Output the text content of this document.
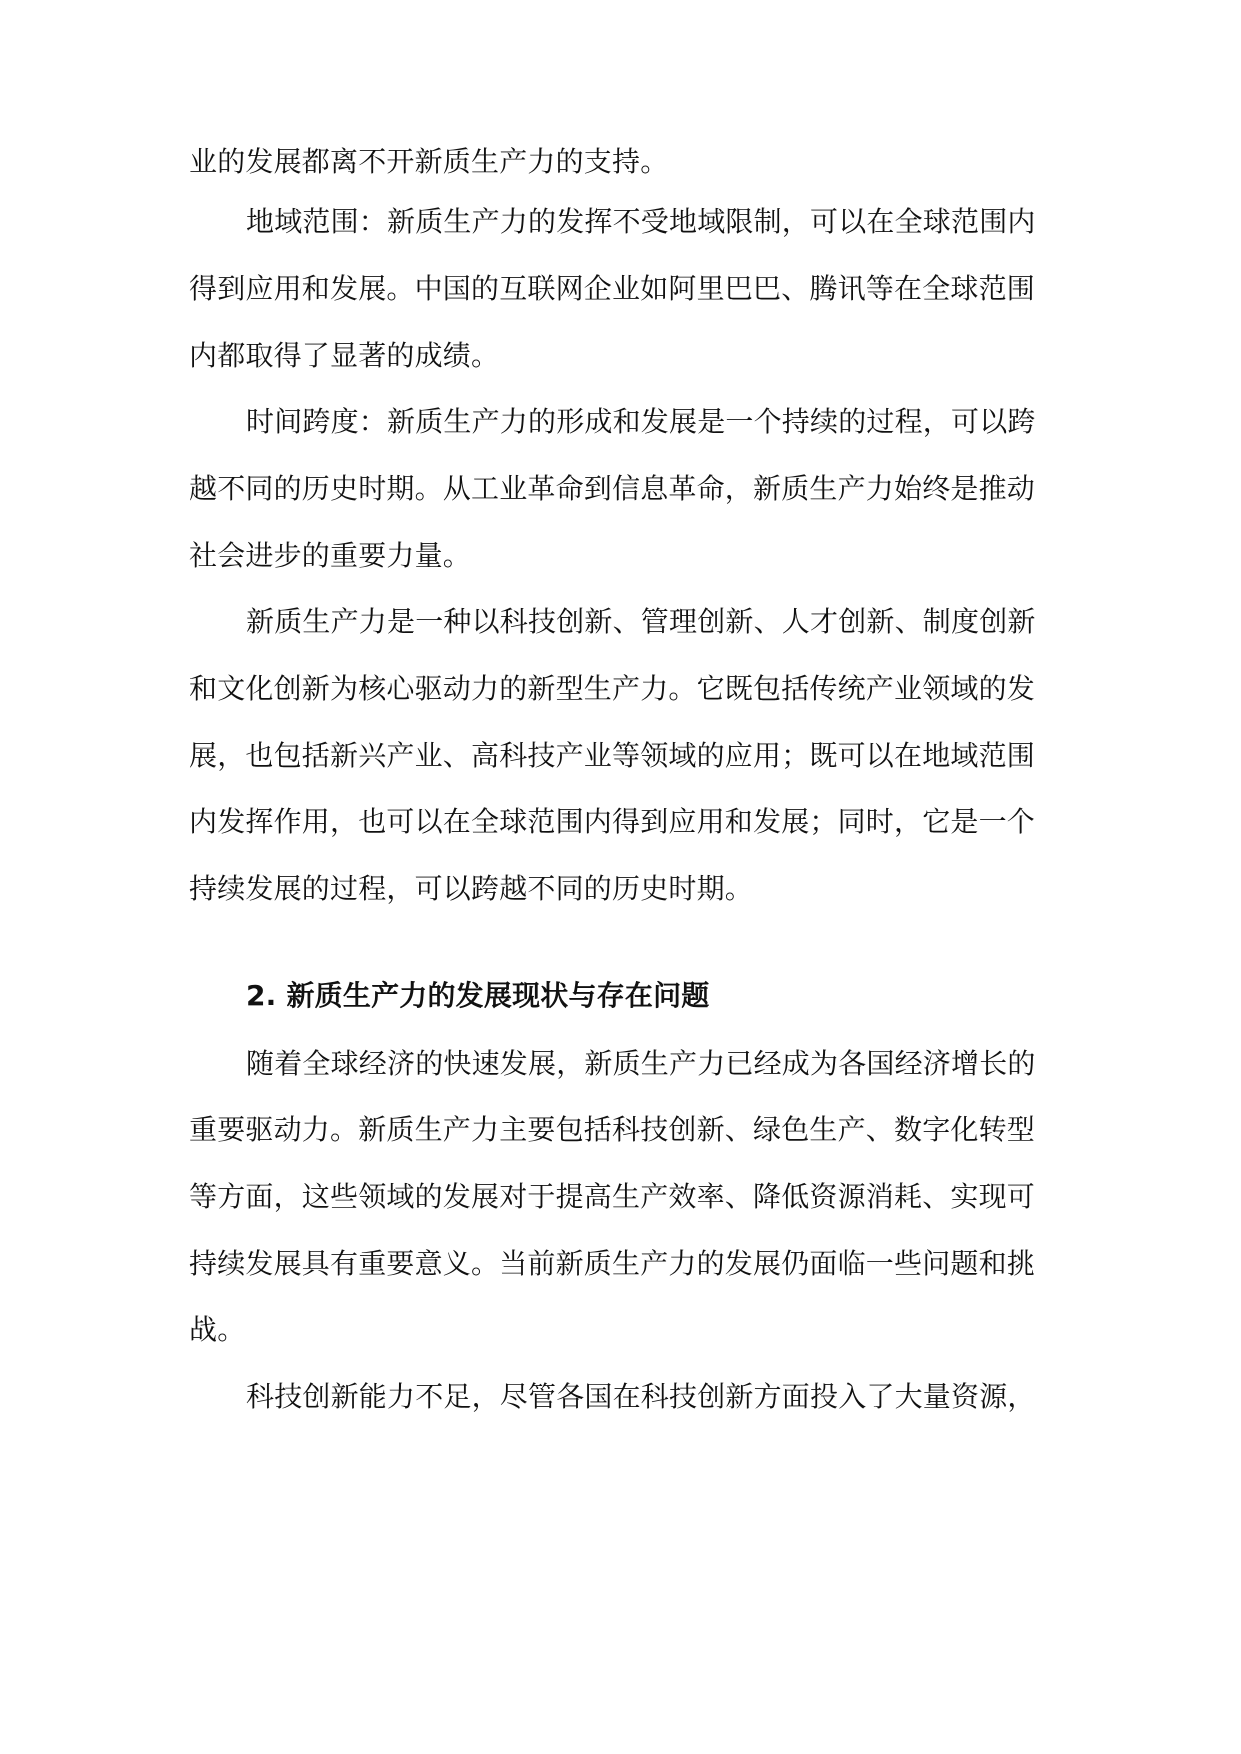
业的发展都离不开新质生产力的支持。
地域范围：新质生产力的发挥不受地域限制，可以在全球范围内
得到应用和发展。中国的互联网企业如阿里巴巴、腾讯等在全球范围
内都取得了显著的成绩。
时间跨度：新质生产力的形成和发展是一个持续的过程，可以跨
越不同的历史时期。从工业革命到信息革命，新质生产力始终是推动
社会进步的重要力量。
新质生产力是一种以科技创新、管理创新、人才创新、制度创新
和文化创新为核心驱动力的新型生产力。它既包括传统产业领域的发
展，也包括新兴产业、高科技产业等领域的应用；既可以在地域范围
内发挥作用，也可以在全球范围内得到应用和发展；同时，它是一个
持续发展的过程，可以跨越不同的历史时期。
2. 新质生产力的发展现状与存在问题
随着全球经济的快速发展，新质生产力已经成为各国经济增长的
重要驱动力。新质生产力主要包括科技创新、绿色生产、数字化转型
等方面，这些领域的发展对于提高生产效率、降低资源消耗、实现可
持续发展具有重要意义。当前新质生产力的发展仍面临一些问题和挑
战。
科技创新能力不足，尽管各国在科技创新方面投入了大量资源，
